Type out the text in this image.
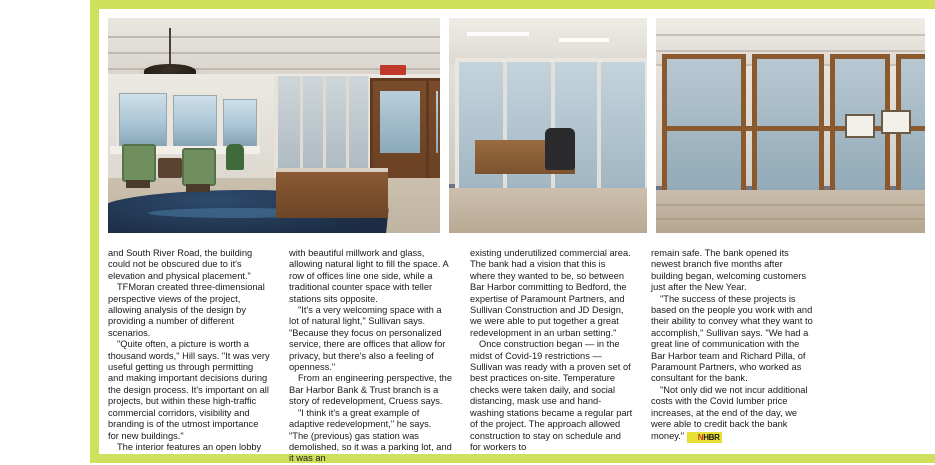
and South River Road, the building could not be obscured due to it's elevation and physical placement."

TFMoran created three-dimensional perspective views of the project, allowing analysis of the design by providing a number of different scenarios.

"Quite often, a picture is worth a thousand words," Hill says. "It was very useful getting us through permitting and making important decisions during the design process. It's important on all projects, but within these high-traffic commercial corridors, visibility and branding is of the utmost importance for new buildings."

The interior features an open lobby

with beautiful millwork and glass, allowing natural light to fill the space. A row of offices line one side, while a traditional counter space with teller stations sits opposite.

"It's a very welcoming space with a lot of natural light," Sullivan says. "Because they focus on personalized service, there are offices that allow for privacy, but there's also a feeling of openness."

From an engineering perspective, the Bar Harbor Bank & Trust branch is a story of redevelopment, Cruess says.

"I think it's a great example of adaptive redevelopment," he says. "The (previous) gas station was demolished, so it was a parking lot, and it was an

existing underutilized commercial area. The bank had a vision that this is where they wanted to be, so between Bar Harbor committing to Bedford, the expertise of Paramount Partners, and Sullivan Construction and JD Design, we were able to put together a great redevelopment in an urban setting."

Once construction began — in the midst of Covid-19 restrictions — Sullivan was ready with a proven set of best practices on-site. Temperature checks were taken daily, and social distancing, mask use and hand-washing stations became a regular part of the project. The approach allowed construction to stay on schedule and for workers to

remain safe. The bank opened its newest branch five months after building began, welcoming customers just after the New Year.

"The success of these projects is based on the people you work with and their ability to convey what they want to accomplish," Sullivan says. "We had a great line of communication with the Bar Harbor team and Richard Pilla, of Paramount Partners, who worked as consultant for the bank.

"Not only did we not incur additional costs with the Covid lumber price increases, at the end of the day, we were able to credit back the bank money." NHBR
